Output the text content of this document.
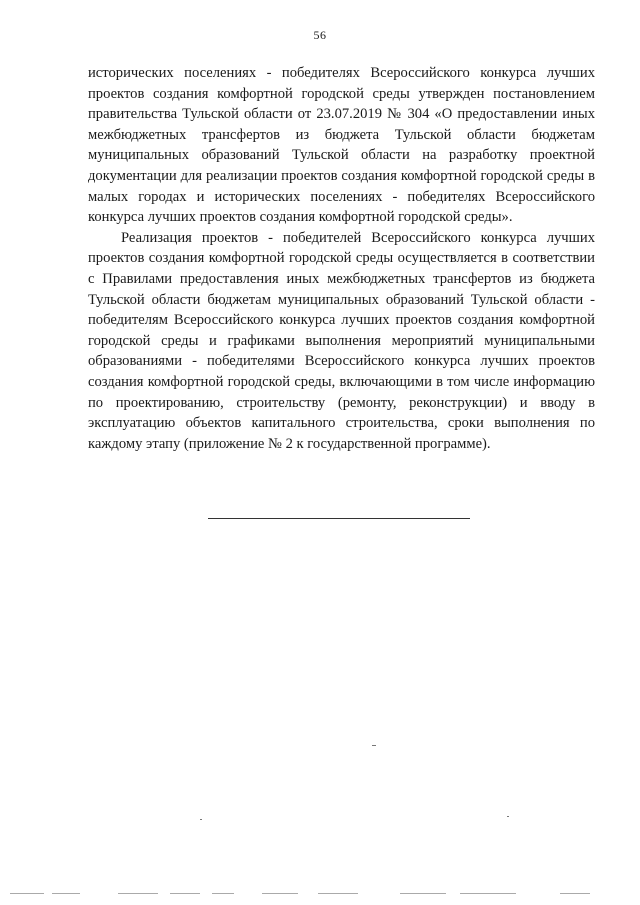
56

исторических поселениях - победителях Всероссийского конкурса лучших проектов создания комфортной городской среды утвержден постановлением правительства Тульской области от 23.07.2019 № 304 «О предоставлении иных межбюджетных трансфертов из бюджета Тульской области бюджетам муниципальных образований Тульской области на разработку проектной документации для реализации проектов создания комфортной городской среды в малых городах и исторических поселениях - победителях Всероссийского конкурса лучших проектов создания комфортной городской среды».

Реализация проектов - победителей Всероссийского конкурса лучших проектов создания комфортной городской среды осуществляется в соответствии с Правилами предоставления иных межбюджетных трансфертов из бюджета Тульской области бюджетам муниципальных образований Тульской области - победителям Всероссийского конкурса лучших проектов создания комфортной городской среды и графиками выполнения мероприятий муниципальными образованиями - победителями Всероссийского конкурса лучших проектов создания комфортной городской среды, включающими в том числе информацию по проектированию, строительству (ремонту, реконструкции) и вводу в эксплуатацию объектов капитального строительства, сроки выполнения по каждому этапу (приложение № 2 к государственной программе).
